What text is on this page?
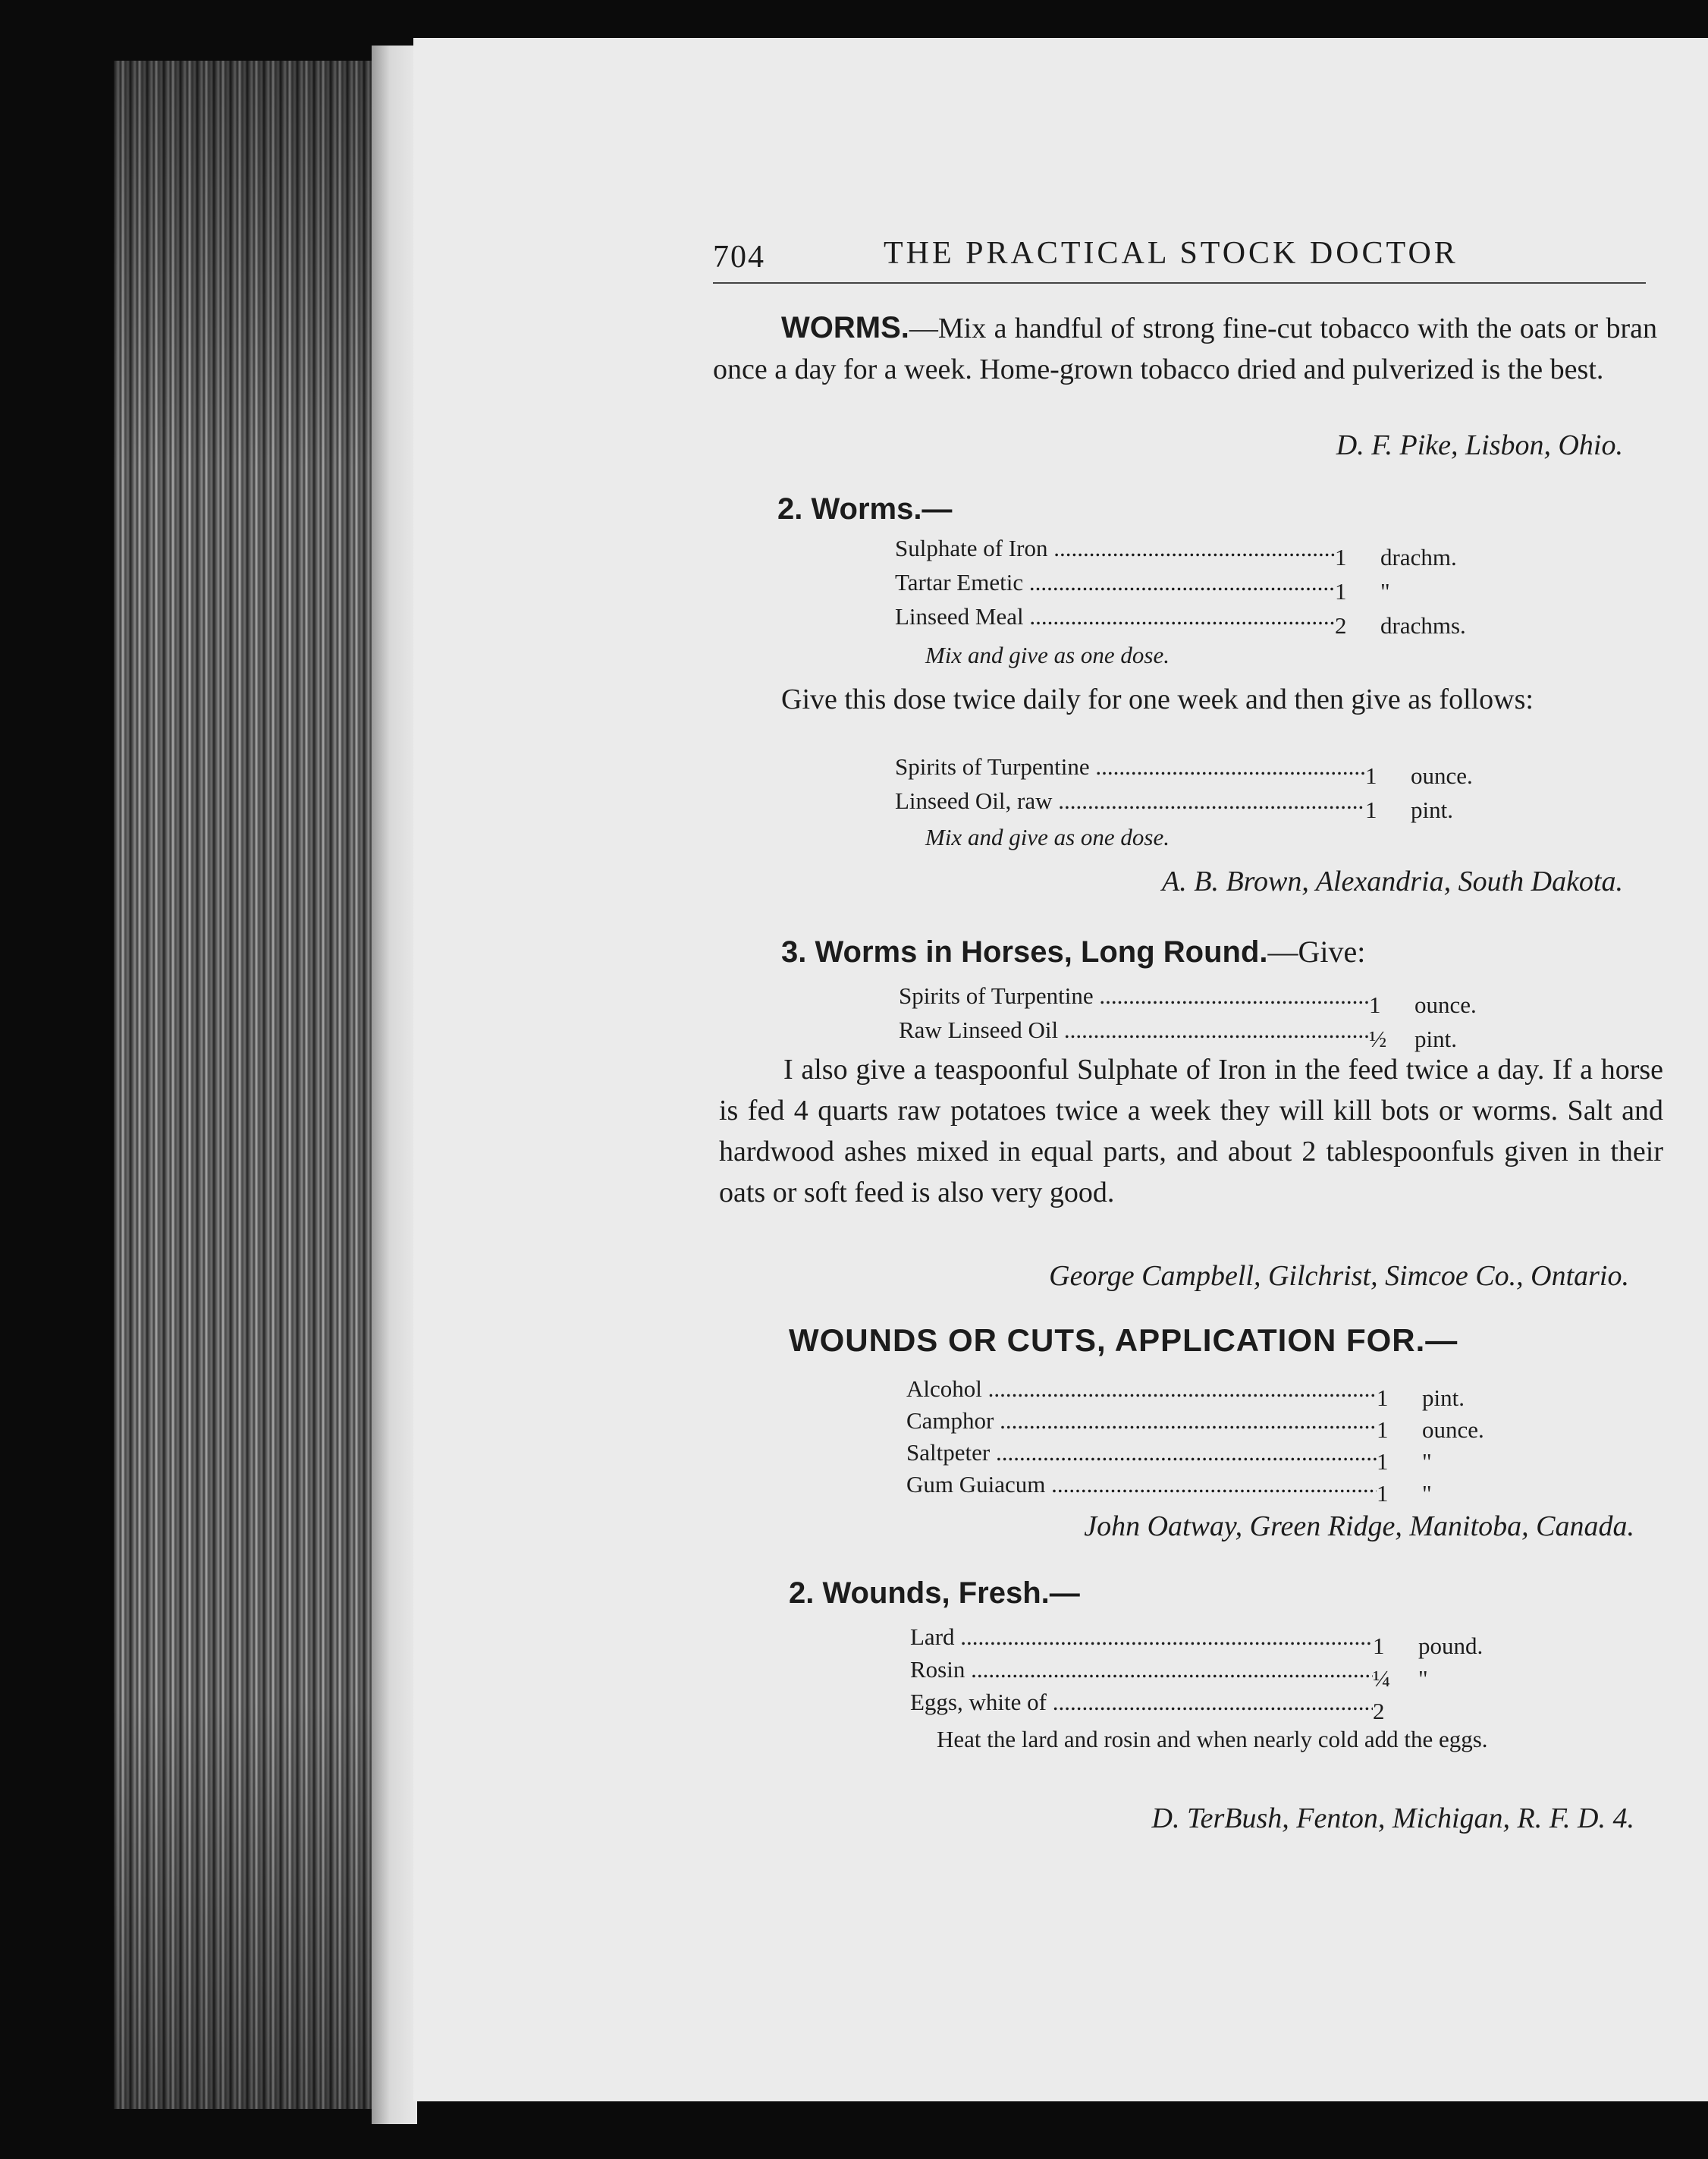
704	THE PRACTICAL STOCK DOCTOR
WORMS.—Mix a handful of strong fine-cut tobacco with the oats or bran once a day for a week. Home-grown tobacco dried and pulverized is the best.
D. F. Pike, Lisbon, Ohio.
2. Worms.—
Sulphate of Iron .....	1 drachm.
Tartar Emetic .....	1 "
Linseed Meal .....	2 drachms.
Mix and give as one dose.
Give this dose twice daily for one week and then give as follows:
Spirits of Turpentine .....	1 ounce.
Linseed Oil, raw .....	1 pint.
Mix and give as one dose.
A. B. Brown, Alexandria, South Dakota.
3. Worms in Horses, Long Round.—Give:
Spirits of Turpentine .....	1 ounce.
Raw Linseed Oil .....	½ pint.
I also give a teaspoonful Sulphate of Iron in the feed twice a day. If a horse is fed 4 quarts raw potatoes twice a week they will kill bots or worms. Salt and hardwood ashes mixed in equal parts, and about 2 tablespoonfuls given in their oats or soft feed is also very good.
George Campbell, Gilchrist, Simcoe Co., Ontario.
WOUNDS OR CUTS, APPLICATION FOR.—
Alcohol .....	1 pint.
Camphor .....	1 ounce.
Saltpeter .....	1 "
Gum Guiacum .....	1 "
John Oatway, Green Ridge, Manitoba, Canada.
2. Wounds, Fresh.—
Lard .....	1 pound.
Rosin .....	¼ "
Eggs, white of .....	2
Heat the lard and rosin and when nearly cold add the eggs.
D. TerBush, Fenton, Michigan, R. F. D. 4.
